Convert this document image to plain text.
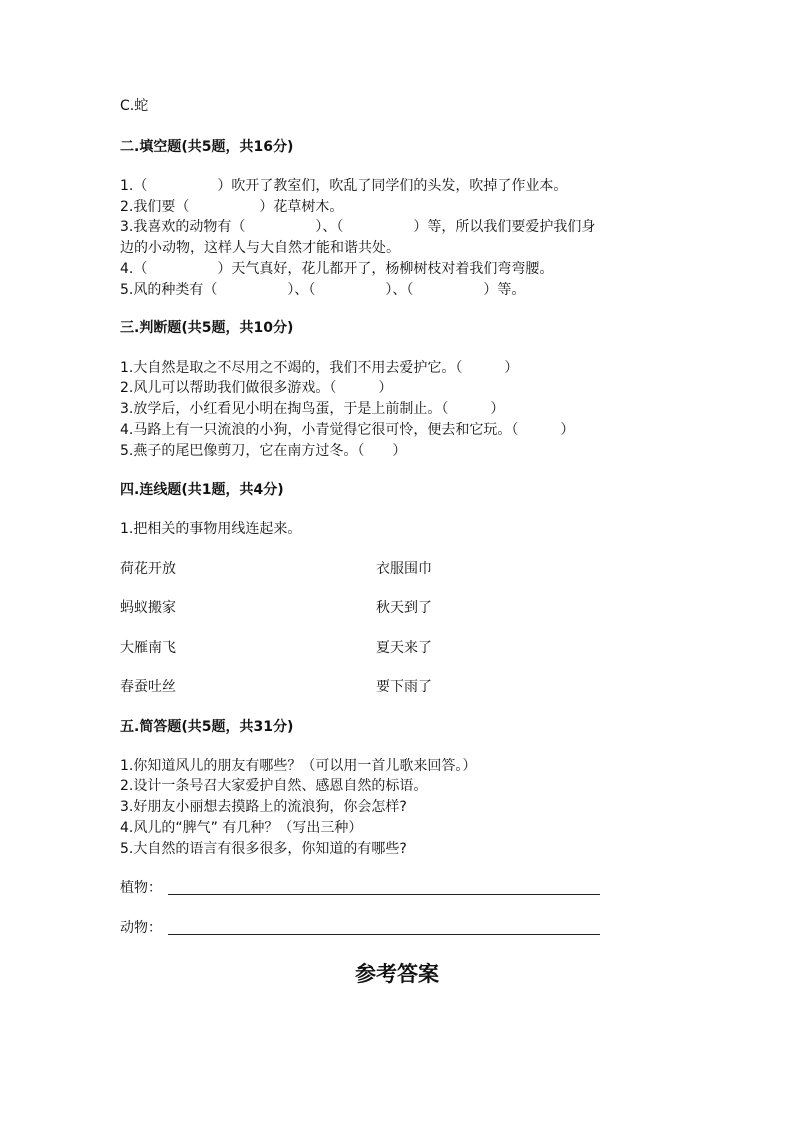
C.蛇
二.填空题(共5题，共16分)
1.（　　　　　）吹开了教室们，吹乱了同学们的头发，吹掉了作业本。
2.我们要（　　　　　）花草树木。
3.我喜欢的动物有（　　　　　）、（　　　　　）等，所以我们要爱护我们身
边的小动物，这样人与大自然才能和谐共处。
4.（　　　　　）天气真好，花儿都开了，杨柳树枝对着我们弯弯腰。
5.风的种类有（　　　　　）、（　　　　　）、（　　　　　）等。
三.判断题(共5题，共10分)
1.大自然是取之不尽用之不竭的，我们不用去爱护它。（　　　）
2.风儿可以帮助我们做很多游戏。（　　　）
3.放学后，小红看见小明在掏鸟蛋，于是上前制止。（　　　）
4.马路上有一只流浪的小狗，小青觉得它很可怜，便去和它玩。（　　　）
5.燕子的尾巴像剪刀，它在南方过冬。（　　）
四.连线题(共1题，共4分)
1.把相关的事物用线连起来。
荷花开放	衣服围巾
蚂蚁搬家	秋天到了
大雁南飞	夏天来了
春蚕吐丝	要下雨了
五.简答题(共5题，共31分)
1.你知道风儿的朋友有哪些？（可以用一首儿歌来回答。）
2.设计一条号召大家爱护自然、感恩自然的标语。
3.好朋友小丽想去摸路上的流浪狗，你会怎样?
4.风儿的“脾气” 有几种？（写出三种）
5.大自然的语言有很多很多，你知道的有哪些?
植物：
动物：
参考答案
